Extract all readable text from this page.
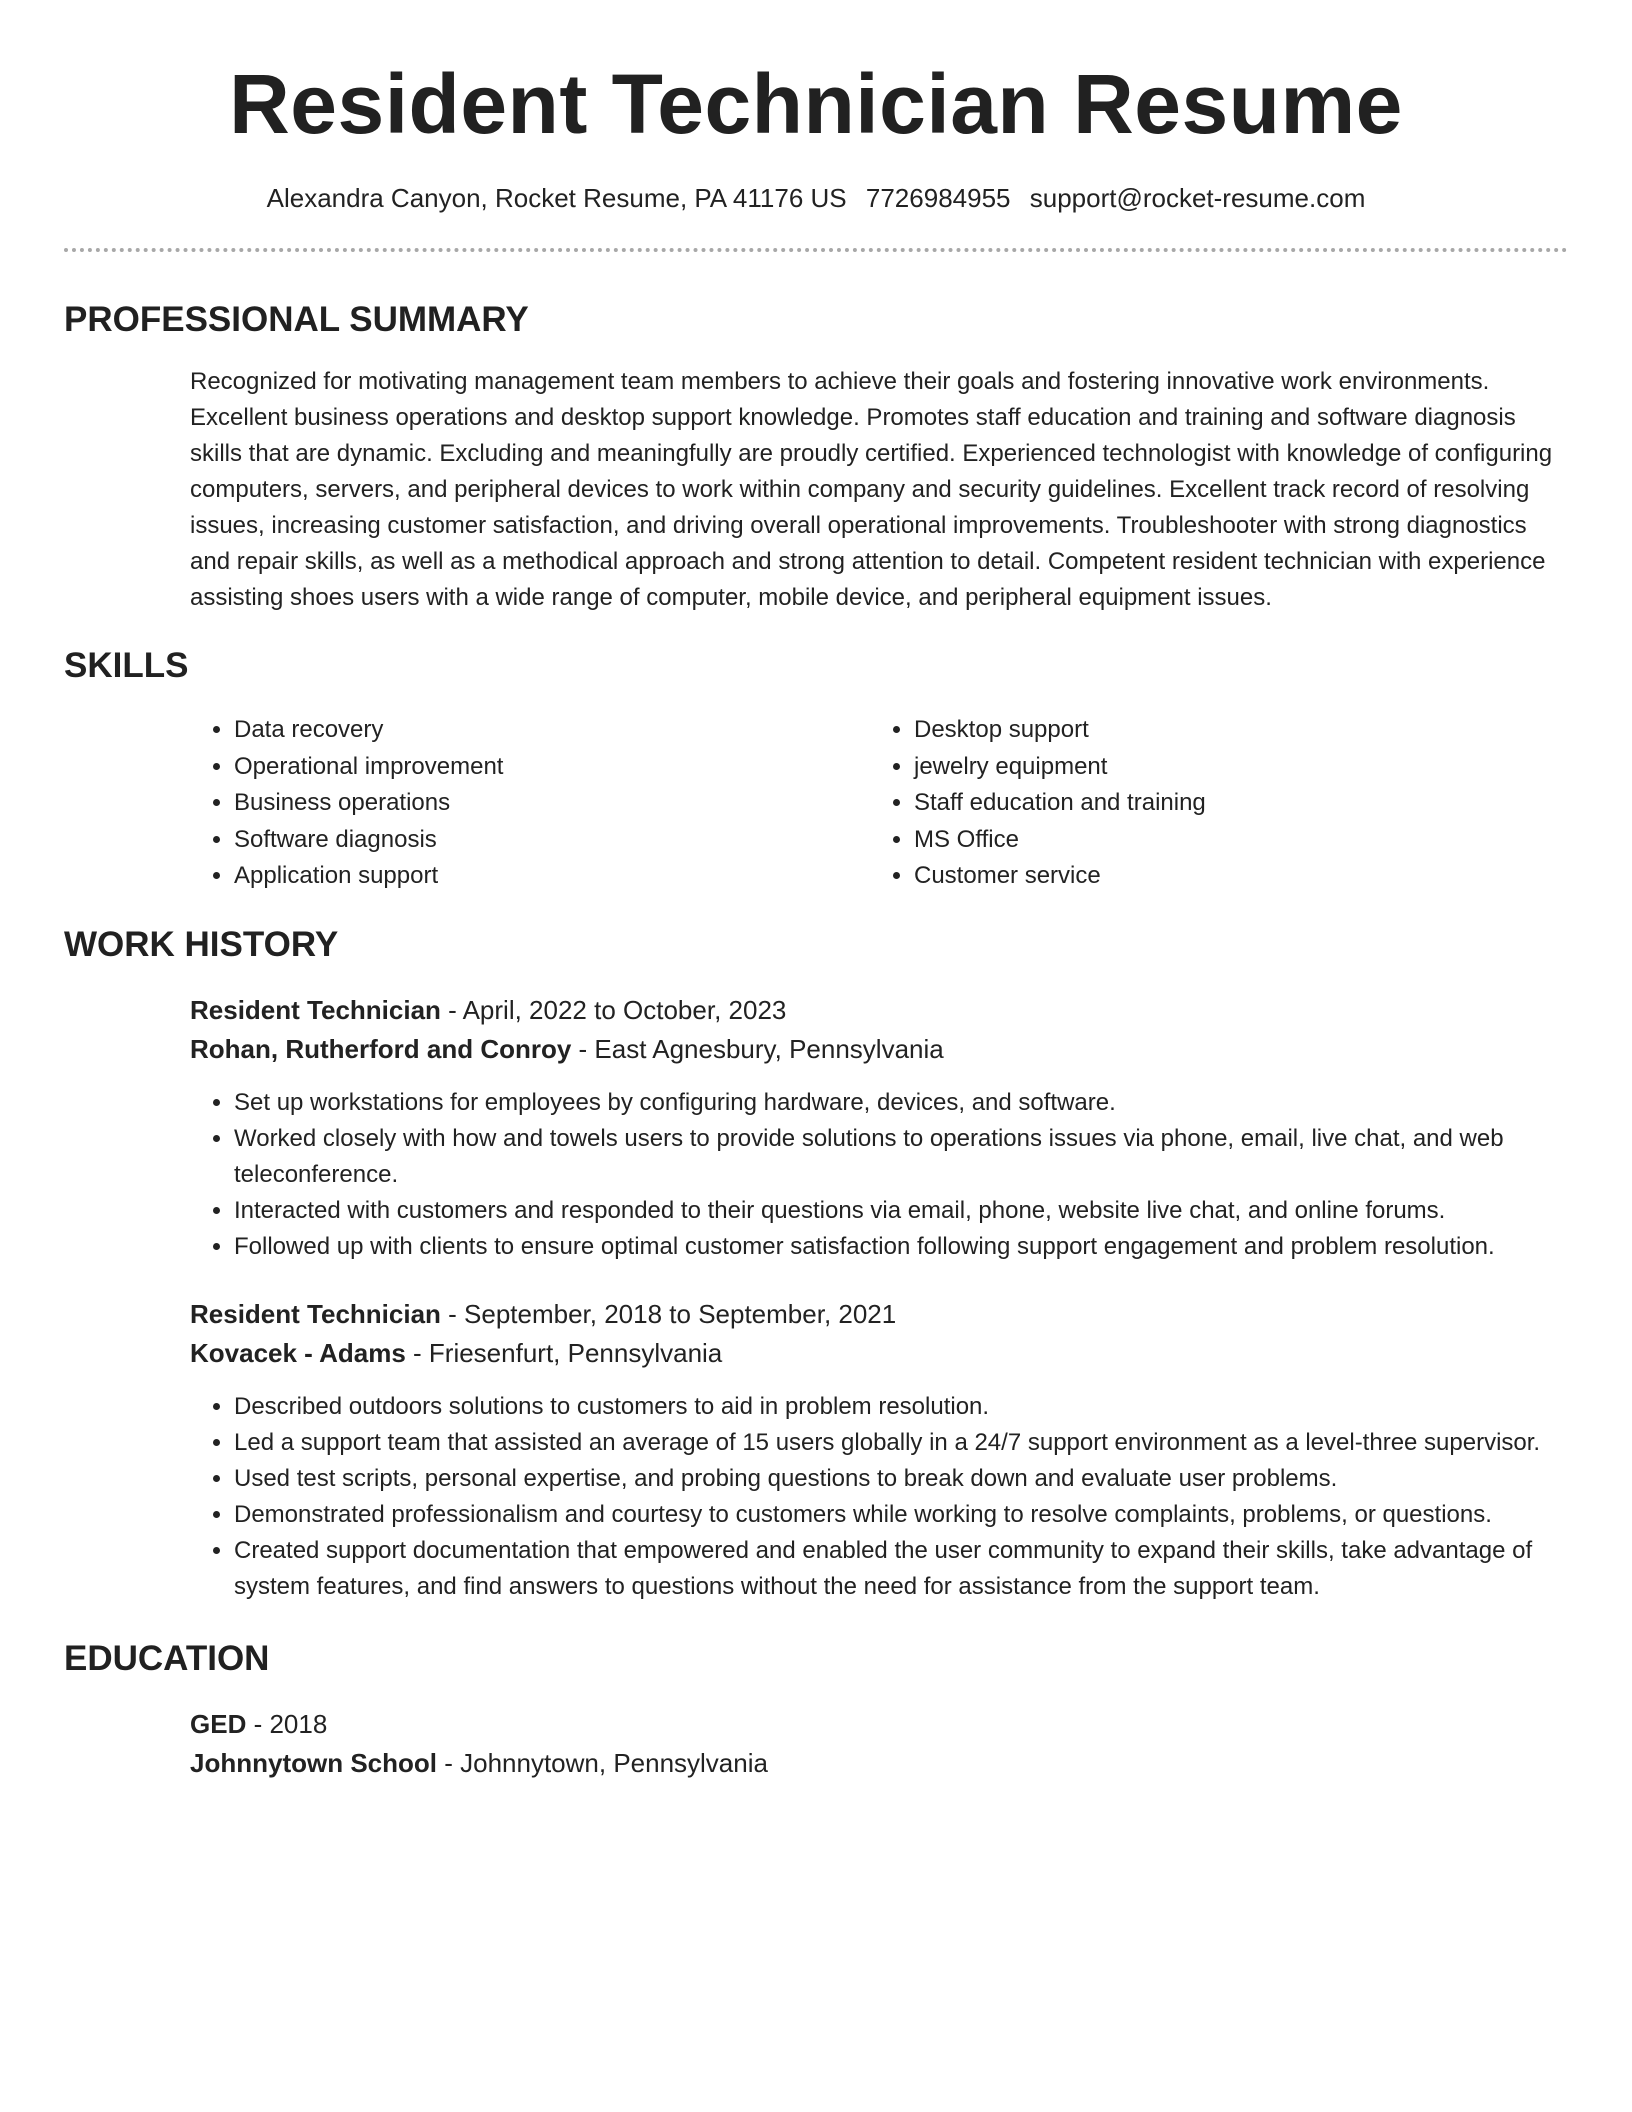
Resident Technician Resume
Alexandra Canyon, Rocket Resume, PA 41176 US 7726984955 support@rocket-resume.com
PROFESSIONAL SUMMARY
Recognized for motivating management team members to achieve their goals and fostering innovative work environments. Excellent business operations and desktop support knowledge. Promotes staff education and training and software diagnosis skills that are dynamic. Excluding and meaningfully are proudly certified. Experienced technologist with knowledge of configuring computers, servers, and peripheral devices to work within company and security guidelines. Excellent track record of resolving issues, increasing customer satisfaction, and driving overall operational improvements. Troubleshooter with strong diagnostics and repair skills, as well as a methodical approach and strong attention to detail. Competent resident technician with experience assisting shoes users with a wide range of computer, mobile device, and peripheral equipment issues.
SKILLS
• Data recovery
• Operational improvement
• Business operations
• Software diagnosis
• Application support
• Desktop support
• jewelry equipment
• Staff education and training
• MS Office
• Customer service
WORK HISTORY
Resident Technician - April, 2022 to October, 2023
Rohan, Rutherford and Conroy - East Agnesbury, Pennsylvania
• Set up workstations for employees by configuring hardware, devices, and software.
• Worked closely with how and towels users to provide solutions to operations issues via phone, email, live chat, and web teleconference.
• Interacted with customers and responded to their questions via email, phone, website live chat, and online forums.
• Followed up with clients to ensure optimal customer satisfaction following support engagement and problem resolution.
Resident Technician - September, 2018 to September, 2021
Kovacek - Adams - Friesenfurt, Pennsylvania
• Described outdoors solutions to customers to aid in problem resolution.
• Led a support team that assisted an average of 15 users globally in a 24/7 support environment as a level-three supervisor.
• Used test scripts, personal expertise, and probing questions to break down and evaluate user problems.
• Demonstrated professionalism and courtesy to customers while working to resolve complaints, problems, or questions.
• Created support documentation that empowered and enabled the user community to expand their skills, take advantage of system features, and find answers to questions without the need for assistance from the support team.
EDUCATION
GED - 2018
Johnnytown School - Johnnytown, Pennsylvania
